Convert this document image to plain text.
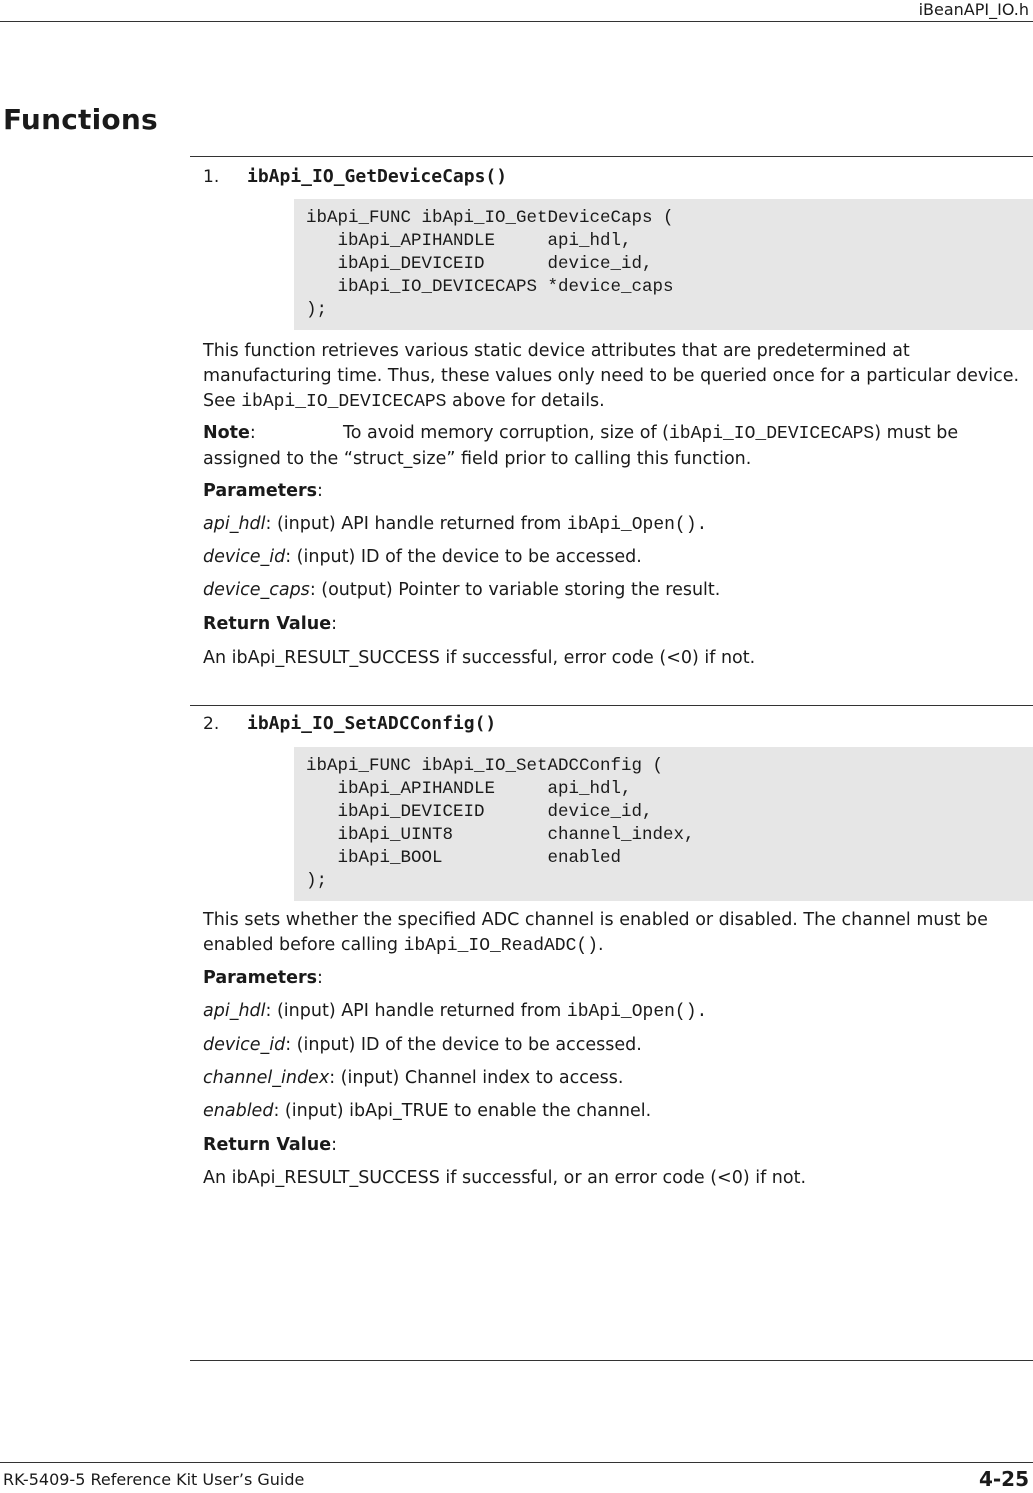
iBeanAPI_IO.h
Functions
1. ibApi_IO_GetDeviceCaps()
ibApi_FUNC ibApi_IO_GetDeviceCaps (
ibApi_APIHANDLE     api_hdl,
ibApi_DEVICEID      device_id,
ibApi_IO_DEVICECAPS *device_caps
);
This function retrieves various static device attributes that are predetermined at manufacturing time. Thus, these values only need to be queried once for a particular device. See ibApi_IO_DEVICECAPS above for details.
Note:	To avoid memory corruption, size of (ibApi_IO_DEVICECAPS) must be assigned to the “struct_size” field prior to calling this function.
Parameters:
api_hdl: (input) API handle returned from ibApi_Open().
device_id: (input) ID of the device to be accessed.
device_caps: (output) Pointer to variable storing the result.
Return Value:
An ibApi_RESULT_SUCCESS if successful, error code (<0) if not.
2. ibApi_IO_SetADCConfig()
ibApi_FUNC ibApi_IO_SetADCConfig (
ibApi_APIHANDLE     api_hdl,
ibApi_DEVICEID      device_id,
ibApi_UINT8         channel_index,
ibApi_BOOL          enabled
);
This sets whether the specified ADC channel is enabled or disabled. The channel must be enabled before calling ibApi_IO_ReadADC().
Parameters:
api_hdl: (input) API handle returned from ibApi_Open().
device_id: (input) ID of the device to be accessed.
channel_index: (input) Channel index to access.
enabled: (input) ibApi_TRUE to enable the channel.
Return Value:
An ibApi_RESULT_SUCCESS if successful, or an error code (<0) if not.
RK-5409-5 Reference Kit User’s Guide	4-25
